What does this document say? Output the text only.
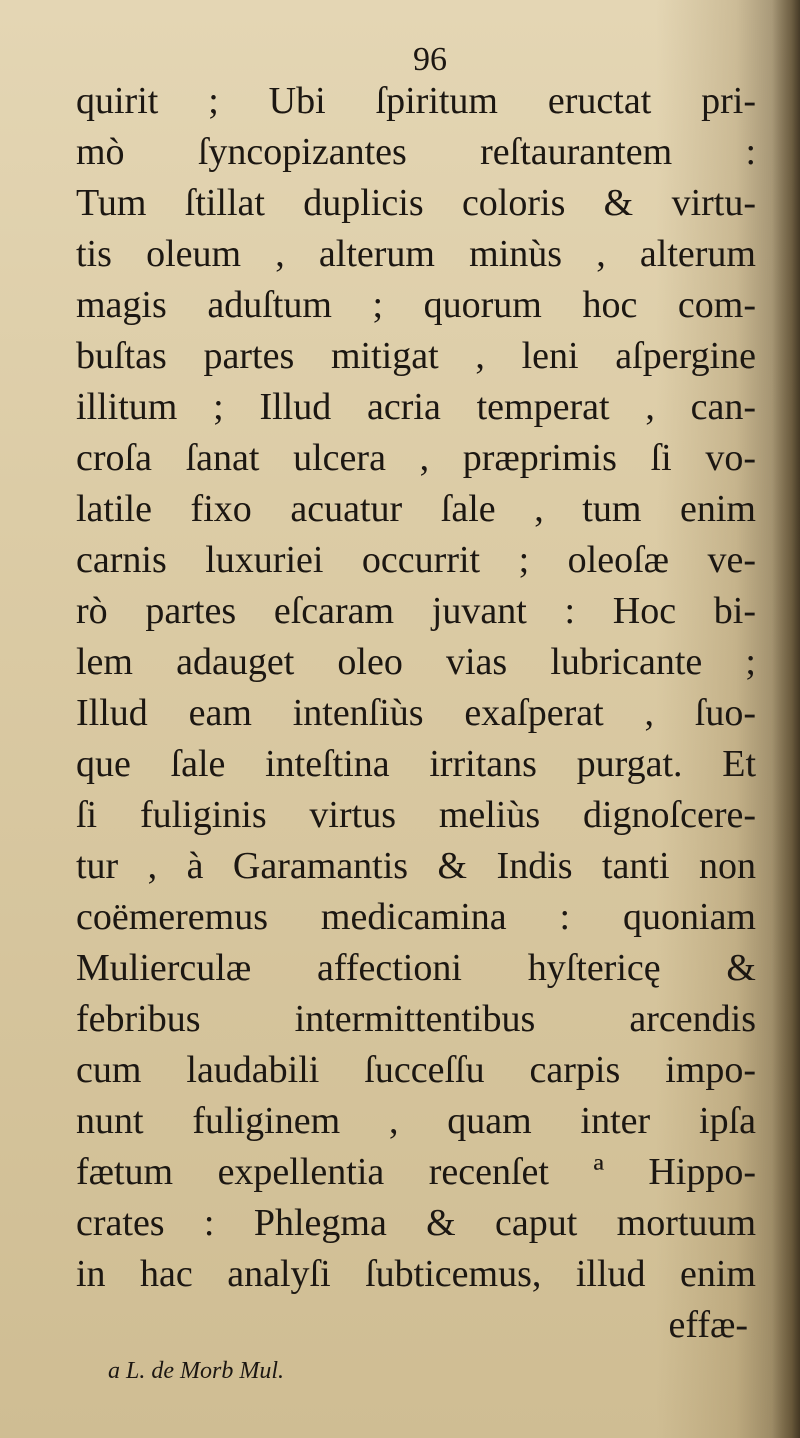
96
quirit ; Ubi ſpiritum eructat pri-
mò ſyncopizantes reſtaurantem :
Tum ſtillat duplicis coloris & virtu-
tis oleum , alterum minùs , alterum
magis aduſtum ; quorum hoc com-
buſtas partes mitigat , leni aſpergine
illitum ; Illud acria temperat , can-
croſa ſanat ulcera , præprimis ſi vo-
latile fixo acuatur ſale , tum enim
carnis luxuriei occurrit ; oleoſæ ve-
rò partes eſcaram juvant : Hoc bi-
lem adauget oleo vias lubricante ;
Illud eam intenſiùs exaſperat , ſuo-
que ſale inteſtina irritans purgat. Et
ſi fuliginis virtus meliùs dignoſcere-
tur , à Garamantis & Indis tanti non
coëmeremus medicamina : quoniam
Mulierculæ affectioni hyſtericę &
febribus intermittentibus arcendis
cum laudabili ſucceſſu carpis impo-
nunt fuliginem , quam inter ipſa
fætum expellentia recenſet ª Hippo-
crates : Phlegma & caput mortuum
in hac analyſi ſubticemus, illud enim
effæ-
a L. de Morb Mul.
